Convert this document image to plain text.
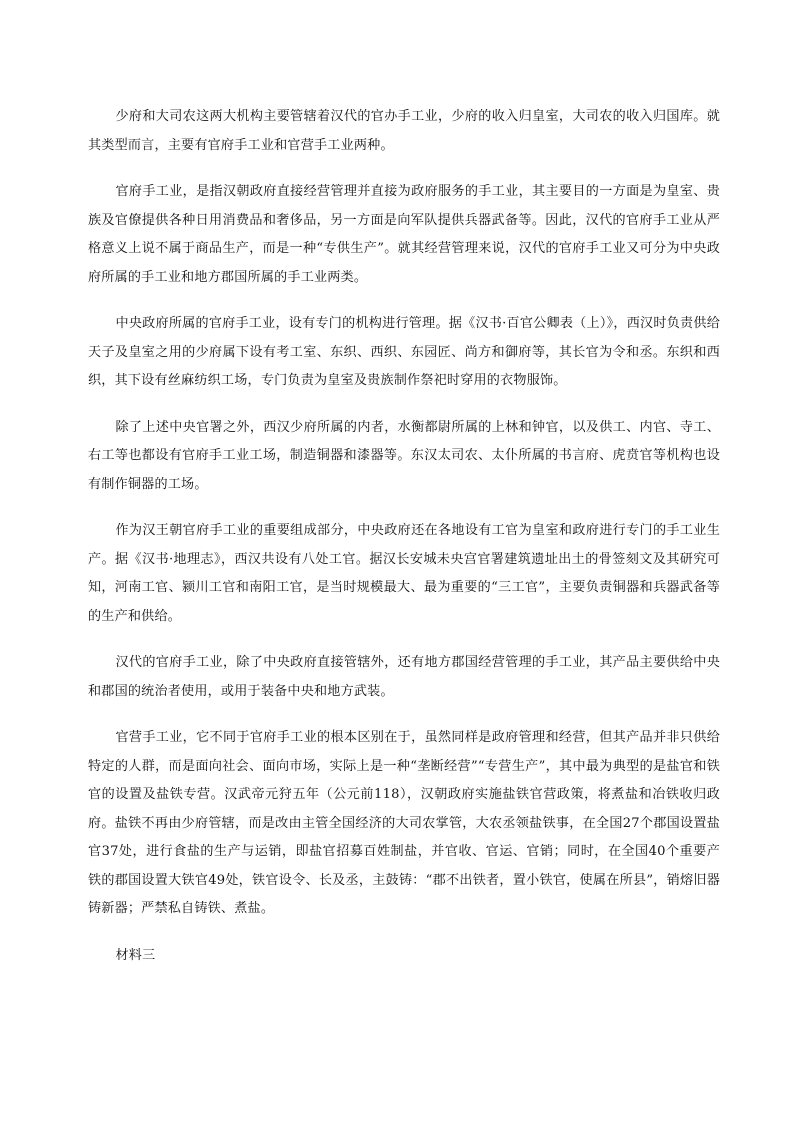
少府和大司农这两大机构主要管辖着汉代的官办手工业，少府的收入归皇室，大司农的收入归国库。就其类型而言，主要有官府手工业和官营手工业两种。

官府手工业，是指汉朝政府直接经营管理并直接为政府服务的手工业，其主要目的一方面是为皇室、贵族及官僚提供各种日用消费品和奢侈品，另一方面是向军队提供兵器武备等。因此，汉代的官府手工业从严格意义上说不属于商品生产，而是一种“专供生产”。就其经营管理来说，汉代的官府手工业又可分为中央政府所属的手工业和地方郡国所属的手工业两类。

中央政府所属的官府手工业，设有专门的机构进行管理。据《汉书·百官公卿表（上）》，西汉时负责供给天子及皇室之用的少府属下设有考工室、东织、西织、东园匠、尚方和御府等，其长官为令和丞。东织和西织，其下设有丝麻纺织工场，专门负责为皇室及贵族制作祭祀时穿用的衣物服饰。

除了上述中央官署之外，西汉少府所属的内者，水衡都尉所属的上林和钟官，以及供工、内官、寺工、右工等也都设有官府手工业工场，制造铜器和漆器等。东汉太司农、太仆所属的书言府、虎贲官等机构也设有制作铜器的工场。

作为汉王朝官府手工业的重要组成部分，中央政府还在各地设有工官为皇室和政府进行专门的手工业生产。据《汉书·地理志》，西汉共设有八处工官。据汉长安城未央宫官署建筑遗址出土的骨签刻文及其研究可知，河南工官、颍川工官和南阳工官，是当时规模最大、最为重要的“三工官”，主要负责铜器和兵器武备等的生产和供给。

汉代的官府手工业，除了中央政府直接管辖外，还有地方郡国经营管理的手工业，其产品主要供给中央和郡国的统治者使用，或用于装备中央和地方武装。

官营手工业，它不同于官府手工业的根本区别在于，虽然同样是政府管理和经营，但其产品并非只供给特定的人群，而是面向社会、面向市场，实际上是一种“垄断经营”“专营生产”，其中最为典型的是盐官和铁官的设置及盐铁专营。汉武帝元狩五年（公元前118），汉朝政府实施盐铁官营政策，将煮盐和冶铁收归政府。盐铁不再由少府管辖，而是改由主管全国经济的大司农掌管，大农丞领盐铁事，在全国27个郡国设置盐官37处，进行食盐的生产与运销，即盐官招募百姓制盐，并官收、官运、官销；同时，在全国40个重要产铁的郡国设置大铁官49处，铁官设令、长及丞，主鼓铸：“郡不出铁者，置小铁官，使属在所县”，销熔旧器铸新器；严禁私自铸铁、煮盐。

材料三
